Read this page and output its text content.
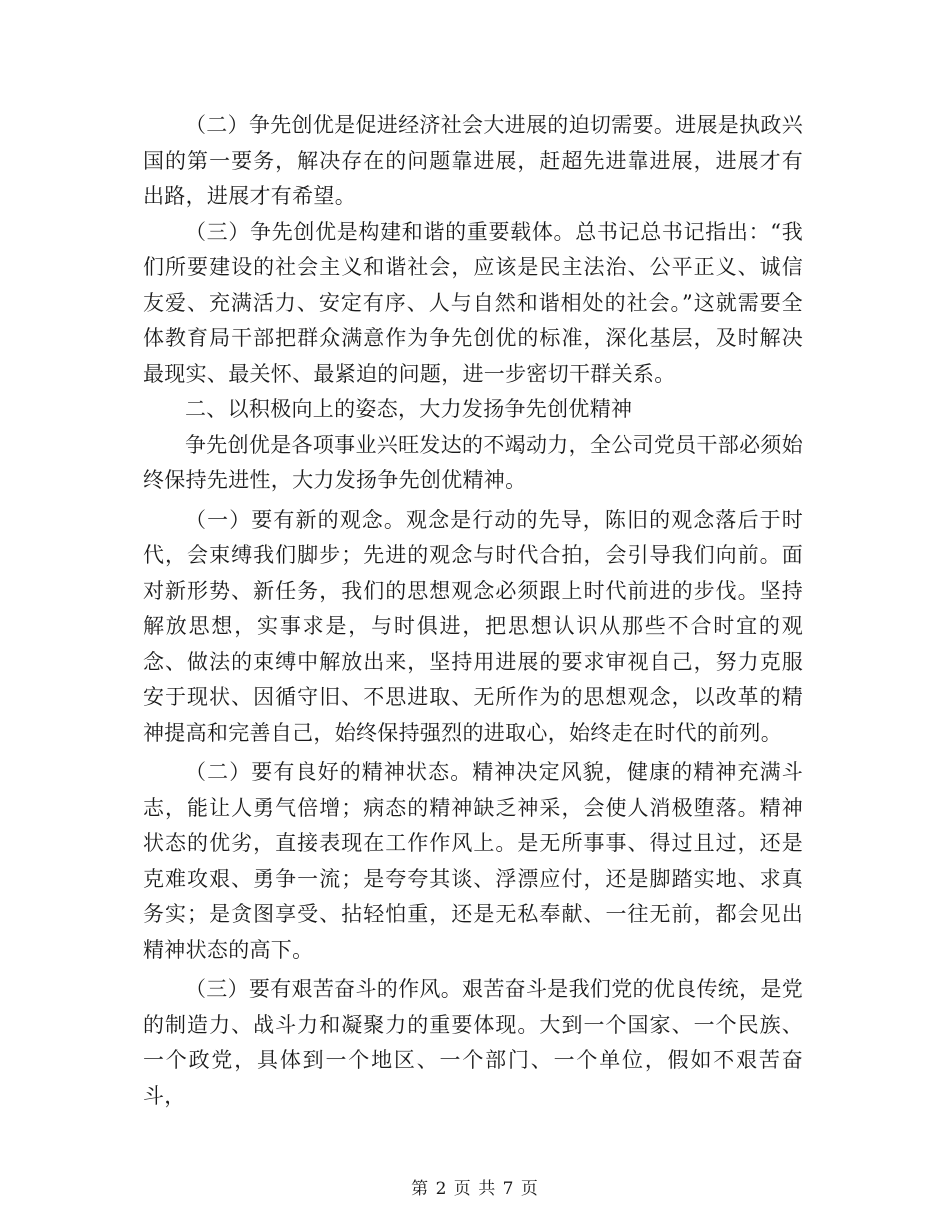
（二）争先创优是促进经济社会大进展的迫切需要。进展是执政兴国的第一要务，解决存在的问题靠进展，赶超先进靠进展，进展才有出路，进展才有希望。

（三）争先创优是构建和谐的重要载体。总书记总书记指出：“我们所要建设的社会主义和谐社会，应该是民主法治、公平正义、诚信友爱、充满活力、安定有序、人与自然和谐相处的社会。”这就需要全体教育局干部把群众满意作为争先创优的标准，深化基层，及时解决最现实、最关怀、最紧迫的问题，进一步密切干群关系。

二、以积极向上的姿态，大力发扬争先创优精神

争先创优是各项事业兴旺发达的不竭动力，全公司党员干部必须始终保持先进性，大力发扬争先创优精神。

（一）要有新的观念。观念是行动的先导，陈旧的观念落后于时代，会束缚我们脚步；先进的观念与时代合拍，会引导我们向前。面对新形势、新任务，我们的思想观念必须跟上时代前进的步伐。坚持解放思想，实事求是，与时俱进，把思想认识从那些不合时宜的观念、做法的束缚中解放出来，坚持用进展的要求审视自己，努力克服安于现状、因循守旧、不思进取、无所作为的思想观念，以改革的精神提高和完善自己，始终保持强烈的进取心，始终走在时代的前列。

（二）要有良好的精神状态。精神决定风貌，健康的精神充满斗志，能让人勇气倍增；病态的精神缺乏神采，会使人消极堕落。精神状态的优劣，直接表现在工作作风上。是无所事事、得过且过，还是克难攻艰、勇争一流；是夸夸其谈、浮漂应付，还是脚踏实地、求真务实；是贪图享受、拈轻怕重，还是无私奉献、一往无前，都会见出精神状态的高下。

（三）要有艰苦奋斗的作风。艰苦奋斗是我们党的优良传统，是党的制造力、战斗力和凝聚力的重要体现。大到一个国家、一个民族、一个政党，具体到一个地区、一个部门、一个单位，假如不艰苦奋斗，

第 2 页 共 7 页
